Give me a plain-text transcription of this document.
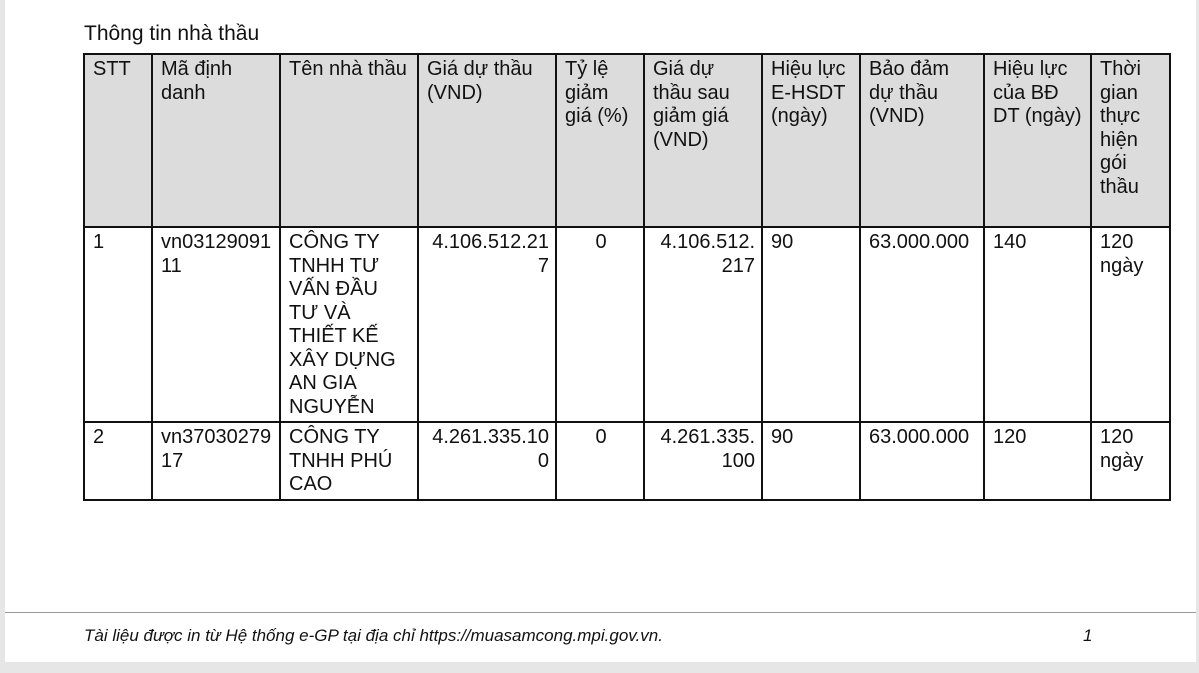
Thông tin nhà thầu
STT	Mã định danh	Tên nhà thầu	Giá dự thầu (VND)	Tỷ lệ giảm giá (%)	Giá dự thầu sau giảm giá (VND)	Hiệu lực E-HSDT (ngày)	Bảo đảm dự thầu (VND)	Hiệu lực của BĐ DT (ngày)	Thời gian thực hiện gói thầu
1	vn0312909111	CÔNG TY TNHH TƯ VẤN ĐẦU TƯ VÀ THIẾT KẾ XÂY DỰNG AN GIA NGUYỄN	4.106.512.217	0	4.106.512.217	90	63.000.000	140	120 ngày
2	vn3703027917	CÔNG TY TNHH PHÚ CAO	4.261.335.100	0	4.261.335.100	90	63.000.000	120	120 ngày
Tài liệu được in từ Hệ thống e-GP tại địa chỉ https://muasamcong.mpi.gov.vn.	1
